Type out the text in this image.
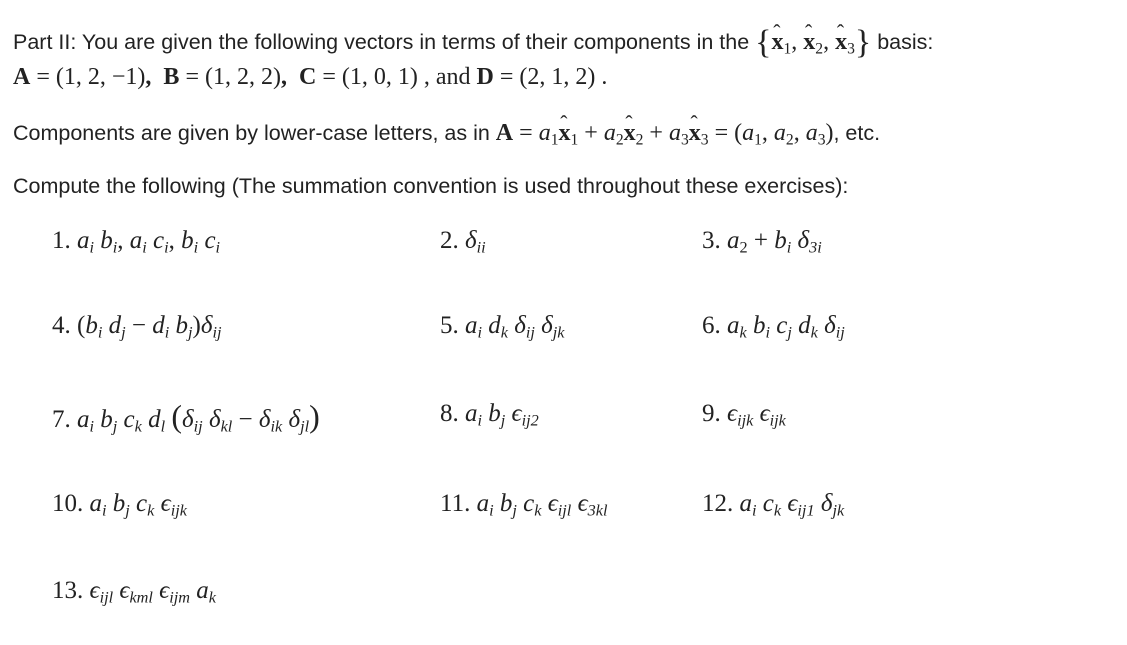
Part II: You are given the following vectors in terms of their components in the {ˆ $x_1$, ˆ $x_2$, ˆ $x_3$} basis:
A = (1, 2, −1), B = (1, 2, 2), C = (1, 0, 1) , and D = (2, 1, 2) .
Components are given by lower-case letters, as in $A = a_1ˆ$ $x_1$ + $a_2ˆ$ $x_2$ + $a_3ˆ$ $x_3 = (a_1$, $a_2$, $a_3$), etc.
Compute the following (The summation convention is used throughout these exercises):
1. $a_i$ $b_i$, $a_i$ $c_i$, $b_i$ $c_i$	2. $\delta_{ii}$	3. $a_2 + b_i$ $\delta_{3i}$
4. ($b_i$ $d_j - d_i$ $b_j)\delta_{ij}$	5. $a_i$ $d_k$ $\delta_{ij}$ $\delta_{jk}$	6. $a_k$ $b_i$ $c_j$ $d_k$ $\delta_{ij}$
7. $a_i$ $b_j$ $c_k$ $d_l$ ($\delta_{ij}$ $\delta_{kl} - \delta_{ik}$ $\delta_{jl}$)	8. $a_i$ $b_j$ $\epsilon_{ij2}$	9. $\epsilon_{ijk}$ $\epsilon_{ijk}$
10. $a_i$ $b_j$ $c_k$ $\epsilon_{ijk}$	11. $a_i$ $b_j$ $c_k$ $\epsilon_{ijl}$ $\epsilon_{3kl}$	12. $a_i$ $c_k$ $\epsilon_{ij1}$ $\delta_{jk}$
13. $\epsilon_{ijl}$ $\epsilon_{kml}$ $\epsilon_{ijm}$ $a_k$
